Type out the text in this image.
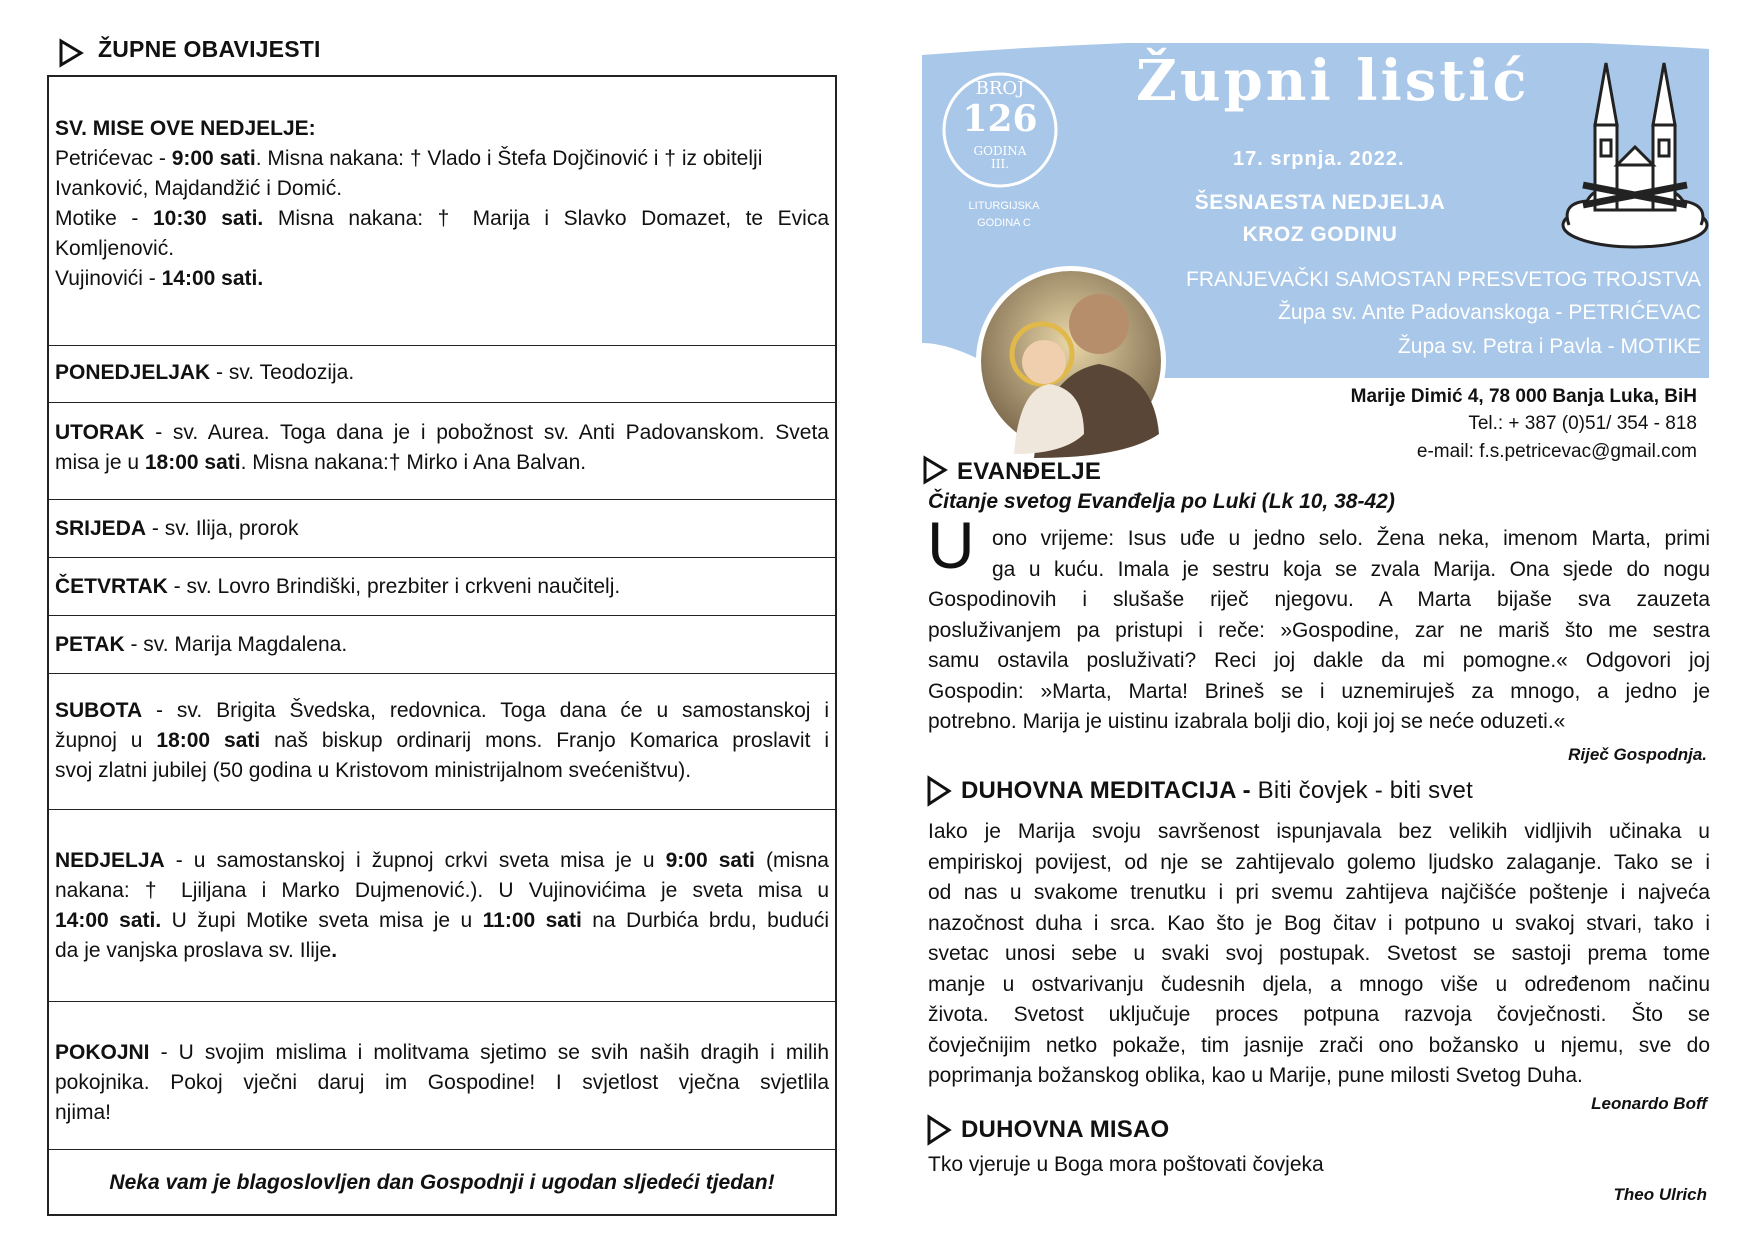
ŽUPNE OBAVIJESTI
SV. MISE OVE NEDJELJE:
Petrićevac - 9:00 sati. Misna nakana: † Vlado i Štefa Dojčinović i † iz obitelji
Ivanković, Majdandžić i Domić.
Motike - 10:30 sati. Misna nakana: † Marija i Slavko Domazet, te Evica
Komljenović.
Vujinovići - 14:00 sati.
PONEDJELJAK - sv. Teodozija.
UTORAK - sv. Aurea. Toga dana je i pobožnost sv. Anti Padovanskom. Sveta
misa je u 18:00 sati. Misna nakana:† Mirko i Ana Balvan.
SRIJEDA - sv. Ilija, prorok
ČETVRTAK - sv. Lovro Brindiški, prezbiter i crkveni naučitelj.
PETAK - sv. Marija Magdalena.
SUBOTA - sv. Brigita Švedska, redovnica. Toga dana će u samostanskoj i
župnoj u 18:00 sati naš biskup ordinarij mons. Franjo Komarica proslavit i
svoj zlatni jubilej (50 godina u Kristovom ministrijalnom svećeništvu).
NEDJELJA - u samostanskoj i župnoj crkvi sveta misa je u 9:00 sati (misna
nakana: † Ljiljana i Marko Dujmenović.). U Vujinovićima je sveta misa u
14:00 sati. U župi Motike sveta misa je u 11:00 sati na Durbića brdu, budući
da je vanjska proslava sv. Ilije.
POKOJNI - U svojim mislima i molitvama sjetimo se svih naših dragih i milih
pokojnika. Pokoj vječni daruj im Gospodine! I svjetlost vječna svjetlila
njima!
Neka vam je blagoslovljen dan Gospodnji i ugodan sljedeći tjedan!
BROJ
126
GODINA
III.
LITURGIJSKA
GODINA C
Župni listić
17. srpnja. 2022.
ŠESNAESTA NEDJELJA
KROZ GODINU
FRANJEVAČKI SAMOSTAN PRESVETOG TROJSTVA
Župa sv. Ante Padovanskoga - PETRIĆEVAC
Župa sv. Petra i Pavla - MOTIKE
Marije Dimić 4, 78 000 Banja Luka, BiH
Tel.: + 387 (0)51/ 354 - 818
e-mail: f.s.petricevac@gmail.com
EVANĐELJE
Čitanje svetog Evanđelja po Luki (Lk 10, 38-42)
U ono vrijeme: Isus uđe u jedno selo. Žena neka, imenom Marta, primi
ga u kuću. Imala je sestru koja se zvala Marija. Ona sjede do nogu
Gospodinovih i slušaše riječ njegovu. A Marta bijaše sva zauzeta
posluživanjem pa pristupi i reče: »Gospodine, zar ne mariš što me sestra
samu ostavila posluživati? Reci joj dakle da mi pomogne.« Odgovori joj
Gospodin: »Marta, Marta! Brineš se i uznemiruješ za mnogo, a jedno je
potrebno. Marija je uistinu izabrala bolji dio, koji joj se neće oduzeti.«
Riječ Gospodnja.
DUHOVNA MEDITACIJA - Biti čovjek - biti svet
Iako je Marija svoju savršenost ispunjavala bez velikih vidljivih učinaka u
empiriskoj povijest, od nje se zahtijevalo golemo ljudsko zalaganje. Tako se i
od nas u svakome trenutku i pri svemu zahtijeva najčišće poštenje i najveća
nazočnost duha i srca. Kao što je Bog čitav i potpuno u svakoj stvari, tako i
svetac unosi sebe u svaki svoj postupak. Svetost se sastoji prema tome
manje u ostvarivanju čudesnih djela, a mnogo više u određenom načinu
života. Svetost uključuje proces potpuna razvoja čovječnosti. Što se
čovječnijim netko pokaže, tim jasnije zrači ono božansko u njemu, sve do
poprimanja božanskog oblika, kao u Marije, pune milosti Svetog Duha.
Leonardo Boff
DUHOVNA MISAO
Tko vjeruje u Boga mora poštovati čovjeka
Theo Ulrich
